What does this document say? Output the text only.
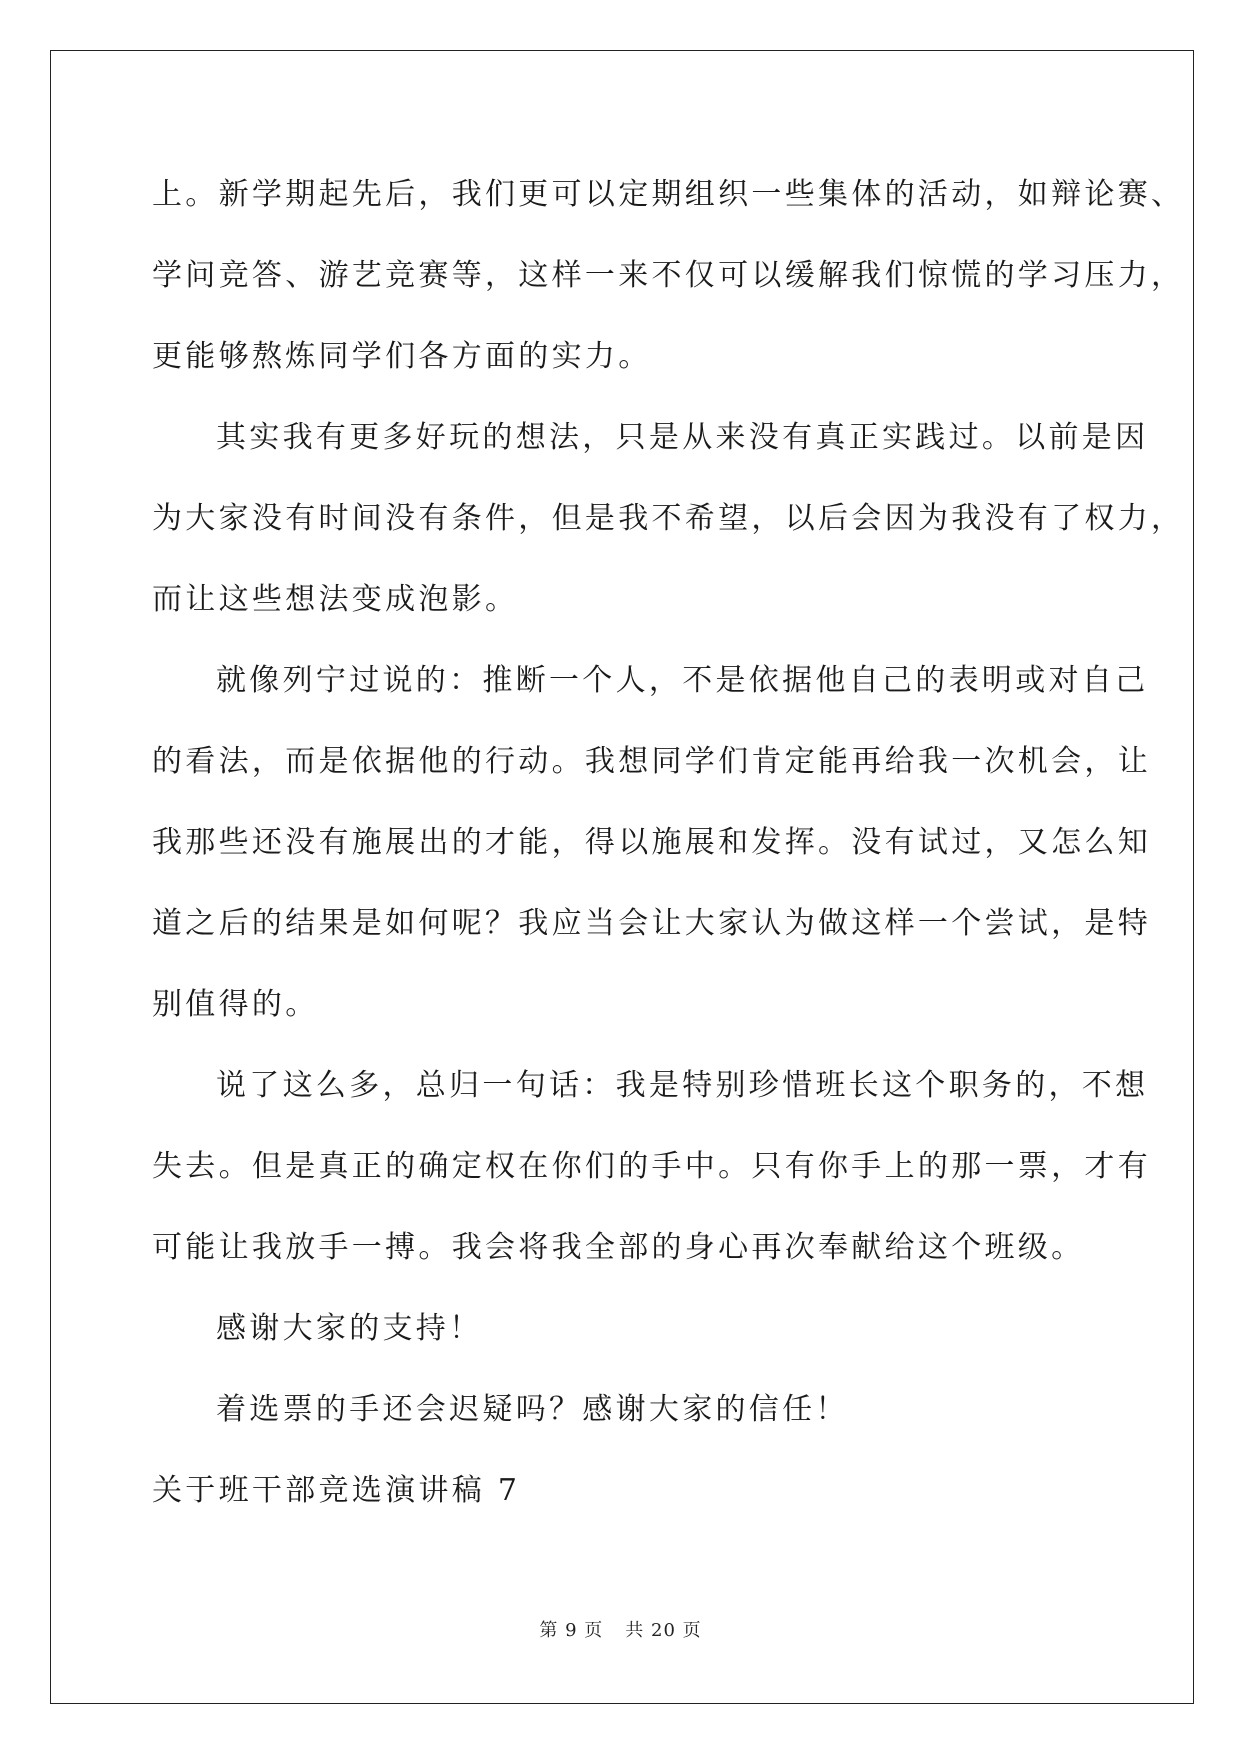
上。新学期起先后，我们更可以定期组织一些集体的活动，如辩论赛、
学问竞答、游艺竞赛等，这样一来不仅可以缓解我们惊慌的学习压力，
更能够熬炼同学们各方面的实力。
其实我有更多好玩的想法，只是从来没有真正实践过。以前是因
为大家没有时间没有条件，但是我不希望，以后会因为我没有了权力，
而让这些想法变成泡影。
就像列宁过说的：推断一个人，不是依据他自己的表明或对自己
的看法，而是依据他的行动。我想同学们肯定能再给我一次机会，让
我那些还没有施展出的才能，得以施展和发挥。没有试过，又怎么知
道之后的结果是如何呢？我应当会让大家认为做这样一个尝试，是特
别值得的。
说了这么多，总归一句话：我是特别珍惜班长这个职务的，不想
失去。但是真正的确定权在你们的手中。只有你手上的那一票，才有
可能让我放手一搏。我会将我全部的身心再次奉献给这个班级。
感谢大家的支持！
着选票的手还会迟疑吗？感谢大家的信任！
关于班干部竞选演讲稿 7
第 9 页 共 20 页
